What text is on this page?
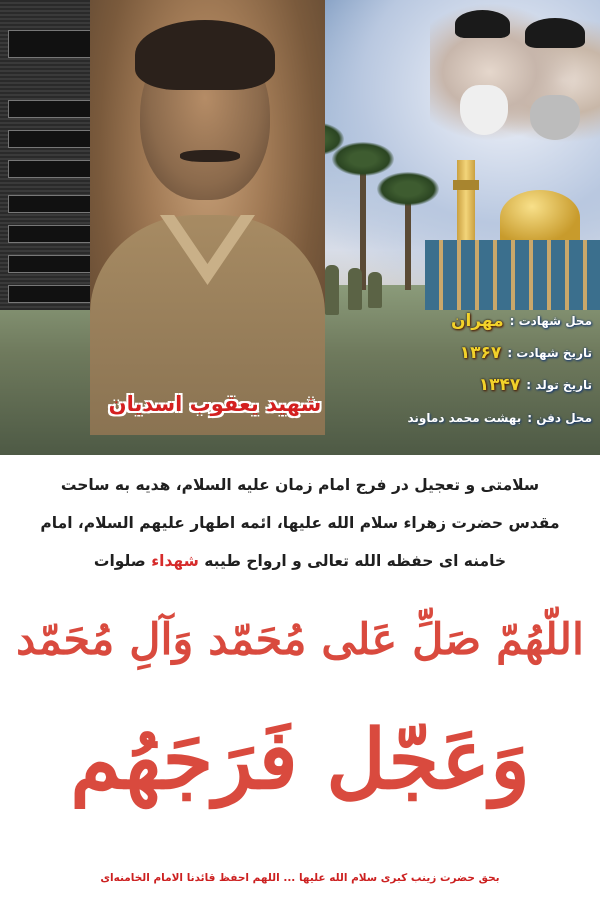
شهید یعقوب اسدیان
محل شهادت :
مهران
تاریخ شهادت :
۱۳۶۷
تاریخ تولد :
۱۳۴۷
محل دفن :
بهشت محمد دماوند
سلامتی و تعجیل در فرج امام زمان علیه السلام، هدیه به ساحت
مقدس حضرت زهراء سلام الله علیها، ائمه اطهار علیهم السلام، امام
خامنه ای حفظه الله تعالی و ارواح طیبه شهداء صلوات
اللّهُمّ صَلِّ عَلی مُحَمّد وَآلِ مُحَمّد
وَعَجّل فَرَجَهُم
بحق حضرت زینب کبری سلام الله علیها ... اللهم احفظ قائدنا الامام الخامنه‌ای
